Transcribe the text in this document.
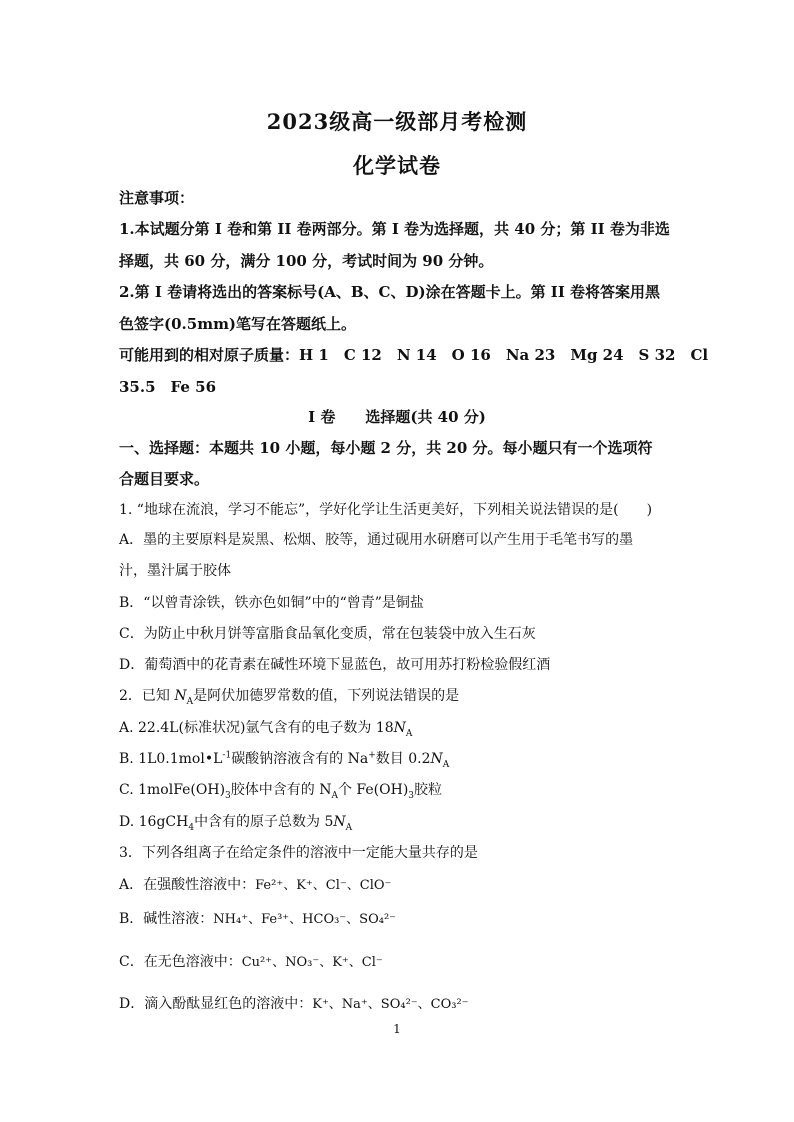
2023级高一级部月考检测
化学试卷
注意事项：
1.本试题分第 I 卷和第 II 卷两部分。第 I 卷为选择题，共 40 分；第 II 卷为非选
择题，共 60 分，满分 100 分，考试时间为 90 分钟。
2.第 I 卷请将选出的答案标号(A、B、C、D)涂在答题卡上。第 II 卷将答案用黑
色签字(0.5mm)笔写在答题纸上。
可能用到的相对原子质量：H 1　C 12　N 14　O 16　Na 23　Mg 24　S 32　Cl
35.5　Fe 56
I 卷　　选择题(共 40 分)
一、选择题：本题共 10 小题，每小题 2 分，共 20 分。每小题只有一个选项符
合题目要求。
1. “地球在流浪，学习不能忘”，学好化学让生活更美好，下列相关说法错误的是(　　)
A．墨的主要原料是炭黑、松烟、胶等，通过砚用水研磨可以产生用于毛笔书写的墨
汁，墨汁属于胶体
B．“以曾青涂铁，铁亦色如铜”中的“曾青”是铜盐
C．为防止中秋月饼等富脂食品氧化变质，常在包装袋中放入生石灰
D．葡萄酒中的花青素在碱性环境下显蓝色，故可用苏打粉检验假红酒
2．已知 $N_A$是阿伏加德罗常数的值，下列说法错误的是
A. 22.4L(标准状况)氩气含有的电子数为 $18N_A$
B. $1L0.1mol•L^{-1}$碳酸钠溶液含有的 Na+数目 $0.2N_A$
C. $1molFe(OH)_3$胶体中含有的 $N_A$个 $Fe(OH)_3$胶粒
D. 16gCH$_4$中含有的原子总数为 $5N_A$
3．下列各组离子在给定条件的溶液中一定能大量共存的是
A．在强酸性溶液中：Fe²⁺、K⁺、Cl⁻、ClO⁻
B．碱性溶液：NH₄⁺、Fe³⁺、HCO₃⁻、SO₄²⁻
C．在无色溶液中：Cu²⁺、NO₃⁻、K⁺、Cl⁻
D．滴入酚酞显红色的溶液中：K⁺、Na⁺、SO₄²⁻、CO₃²⁻
1
